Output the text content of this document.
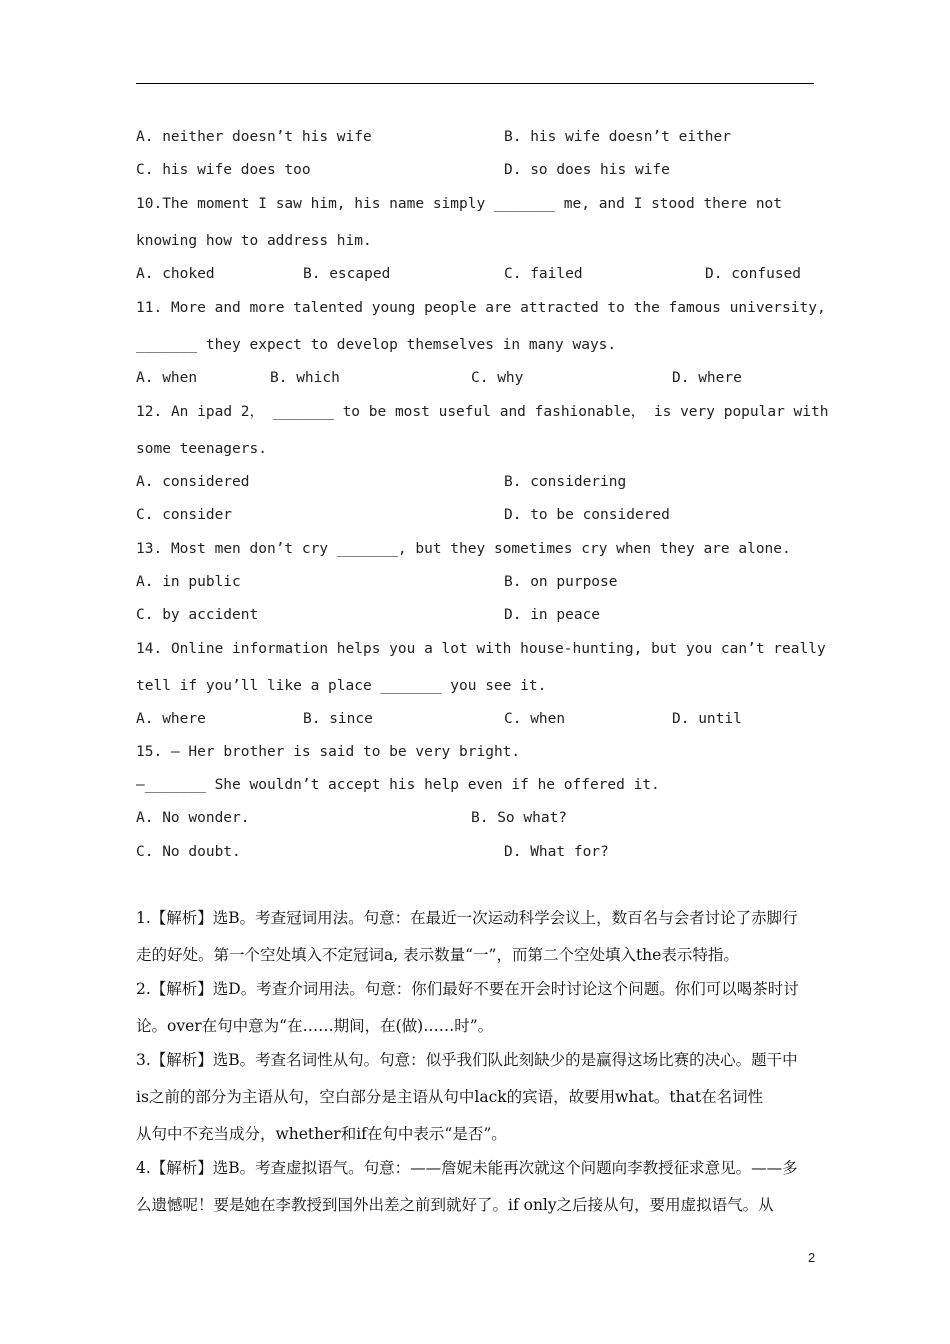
A. neither doesn’t his wife	B. his wife doesn’t either
C. his wife does too	D. so does his wife
10.The moment I saw him, his name simply _______ me, and I stood there not
knowing how to address him.
A. choked	B. escaped	C. failed	D. confused
11. More and more talented young people are attracted to the famous university,
_______ they expect to develop themselves in many ways.
A. when	B. which	C. why	D. where
12. An ipad 2， _______ to be most useful and fashionable， is very popular with
some teenagers.
A. considered	B. considering
C. consider	D. to be considered
13. Most men don’t cry _______, but they sometimes cry when they are alone.
A. in public	B. on purpose
C. by accident	D. in peace
14. Online information helps you a lot with house-hunting, but you can’t really
tell if you’ll like a place _______ you see it.
A. where	B. since	C. when	D. until
15. — Her brother is said to be very bright.
—_______ She wouldn’t accept his help even if he offered it.
A. No wonder.	B. So what?
C. No doubt.	D. What for?
1.【解析】选B。考查冠词用法。句意：在最近一次运动科学会议上，数百名与会者讨论了赤脚行
走的好处。第一个空处填入不定冠词a, 表示数量“一”，而第二个空处填入the表示特指。
2.【解析】选D。考查介词用法。句意：你们最好不要在开会时讨论这个问题。你们可以喝茶时讨
论。over在句中意为“在……期间，在(做)……时”。
3.【解析】选B。考查名词性从句。句意：似乎我们队此刻缺少的是赢得这场比赛的决心。题干中
is之前的部分为主语从句，空白部分是主语从句中lack的宾语，故要用what。that在名词性
从句中不充当成分，whether和if在句中表示“是否”。
4.【解析】选B。考查虚拟语气。句意：——詹妮未能再次就这个问题向李教授征求意见。——多
么遗憾呢！要是她在李教授到国外出差之前到就好了。if only之后接从句，要用虚拟语气。从
2
